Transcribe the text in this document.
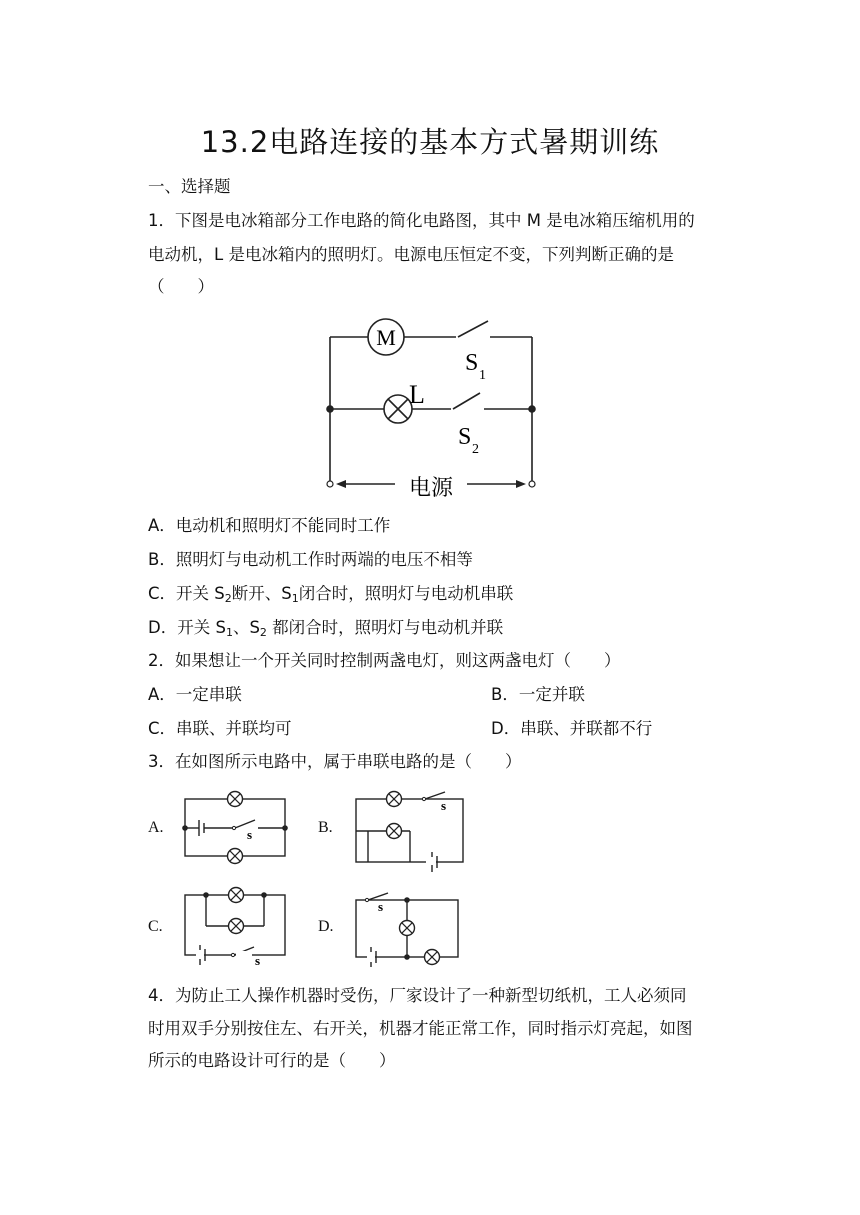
13.2电路连接的基本方式暑期训练
一、选择题
1．下图是电冰箱部分工作电路的简化电路图，其中 M 是电冰箱压缩机用的
电动机，L 是电冰箱内的照明灯。电源电压恒定不变，下列判断正确的是
（　　）
M
L
S 1
S 2
电源
A．电动机和照明灯不能同时工作
B．照明灯与电动机工作时两端的电压不相等
C．开关 $S_2$断开、$S_1$闭合时，照明灯与电动机串联
D．开关 $S_1$、$S_2$ 都闭合时，照明灯与电动机并联
2．如果想让一个开关同时控制两盏电灯，则这两盏电灯（　　）
A．一定串联	B．一定并联
C．串联、并联均可	D．串联、并联都不行
3．在如图所示电路中，属于串联电路的是（　　）
A.	B.
C.	D.
s
s
s
s
4．为防止工人操作机器时受伤，厂家设计了一种新型切纸机，工人必须同
时用双手分别按住左、右开关，机器才能正常工作，同时指示灯亮起，如图
所示的电路设计可行的是（　　）
